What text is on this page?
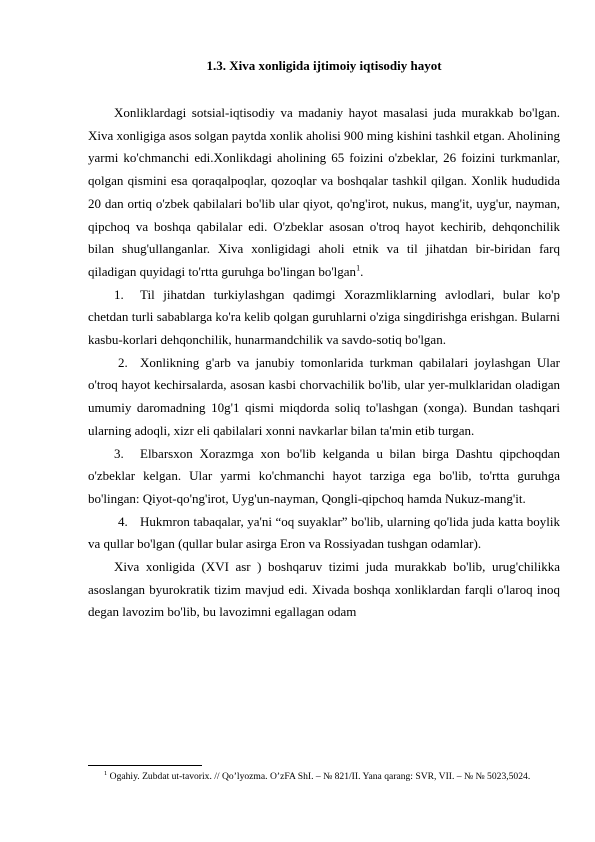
1.3. Xiva xonligida ijtimoiy iqtisodiy hayot

Xonliklardagi sotsial-iqtisodiy va madaniy hayot masalasi juda murakkab bo'lgan. Xiva xonligiga asos solgan paytda xonlik aholisi 900 ming kishini tashkil etgan. Aholining yarmi ko'chmanchi edi.Xonlikdagi aholining 65 foizini o'zbeklar, 26 foizini turkmanlar, qolgan qismini esa qoraqalpoqlar, qozoqlar va boshqalar tashkil qilgan. Xonlik hududida 20 dan ortiq o'zbek qabilalari bo'lib ular qiyot, qo'ng'irot, nukus, mang'it, uyg'ur, nayman, qipchoq va boshqa qabilalar edi. O'zbeklar asosan o'troq hayot kechirib, dehqonchilik bilan shug'ullanganlar. Xiva xonligidagi aholi etnik va til jihatdan bir-biridan farq qiladigan quyidagi to'rtta guruhga bo'lingan bo'lgan$^1$.

1. Til jihatdan turkiylashgan qadimgi Xorazmliklarning avlodlari, bular ko'p chetdan turli sabablarga ko'ra kelib qolgan guruhlarni o'ziga singdirishga erishgan. Bularni kasbu-korlari dehqonchilik, hunarmandchilik va savdo-sotiq bo'lgan.

2. Xonlikning g'arb va janubiy tomonlarida turkman qabilalari joylashgan Ular o'troq hayot kechirsalarda, asosan kasbi chorvachilik bo'lib, ular yer-mulklaridan oladigan umumiy daromadning 10g'1 qismi miqdorda soliq to'lashgan (xonga). Bundan tashqari ularning adoqli, xizr eli qabilalari xonni navkarlar bilan ta'min etib turgan.

3. Elbarsxon Xorazmga xon bo'lib kelganda u bilan birga Dashtu qipchoqdan o'zbeklar kelgan. Ular yarmi ko'chmanchi hayot tarziga ega bo'lib, to'rtta guruhga bo'lingan: Qiyot-qo'ng'irot, Uyg'un-nayman, Qongli-qipchoq hamda Nukuz-mang'it.

4. Hukmron tabaqalar, ya'ni “oq suyaklar” bo'lib, ularning qo'lida juda katta boylik va qullar bo'lgan (qullar bular asirga Eron va Rossiyadan tushgan odamlar).

Xiva xonligida (XVI asr ) boshqaruv tizimi juda murakkab bo'lib, urug'chilikka asoslangan byurokratik tizim mavjud edi. Xivada boshqa xonliklardan farqli o'laroq inoq degan lavozim bo'lib, bu lavozimni egallagan odam

$^1$ Ogahiy. Zubdat ut-tavorix. // Qo’lyozma. O’zFA ShI. – № 821/II. Yana qarang: SVR, VII. – № № 5023,5024.
